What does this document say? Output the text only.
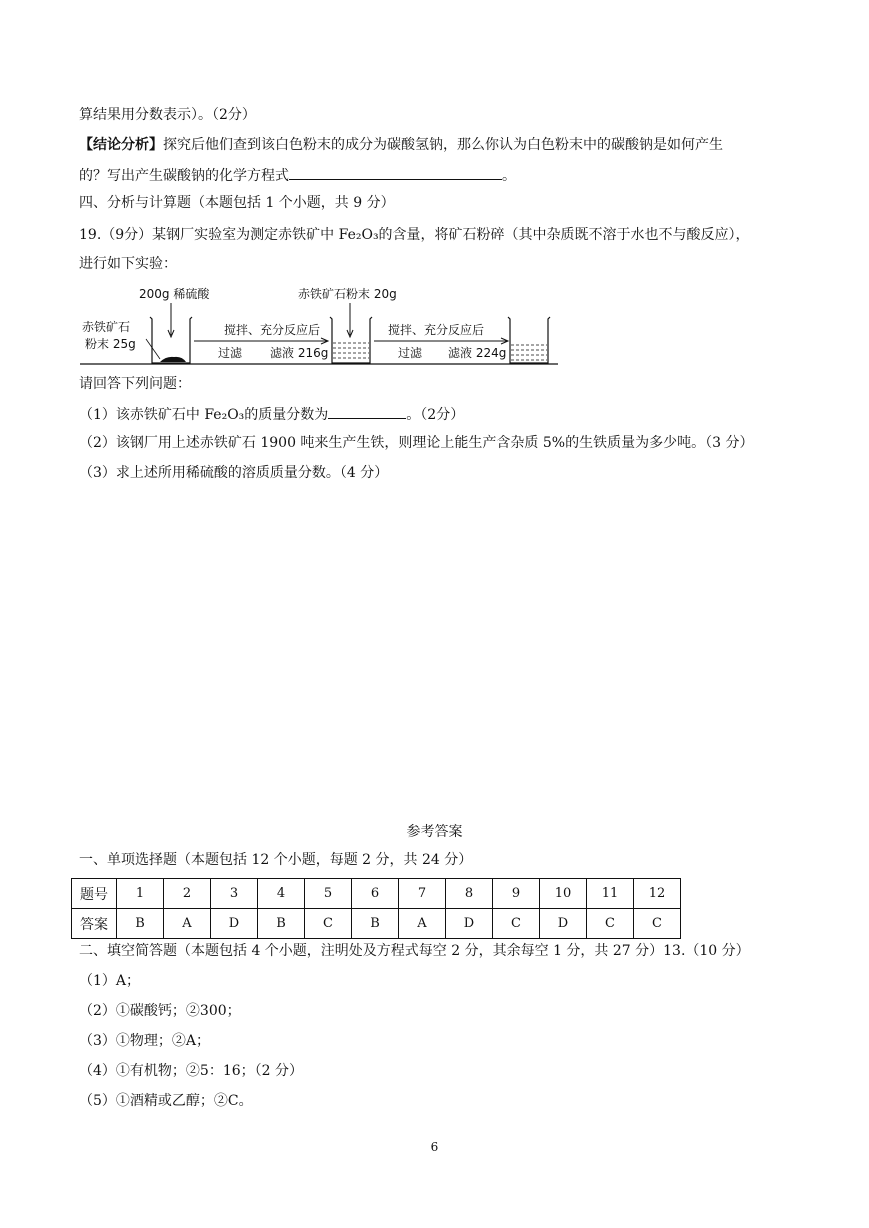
算结果用分数表示）。（2分）
【结论分析】探究后他们查到该白色粉末的成分为碳酸氢钠，那么你认为白色粉末中的碳酸钠是如何产生
的？写出产生碳酸钠的化学方程式	。
四、分析与计算题（本题包括 1 个小题，共 9 分）
19.（9分）某钢厂实验室为测定赤铁矿中 Fe₂O₃的含量，将矿石粉碎（其中杂质既不溶于水也不与酸反应），
进行如下实验：
200g 稀硫酸
赤铁矿石
粉末 25g
搅拌、充分反应后
过滤 滤液 216g
赤铁矿石粉末 20g
搅拌、充分反应后
过滤 滤液 224g
请回答下列问题：
（1）该赤铁矿石中 Fe₂O₃的质量分数为	。（2分）
（2）该钢厂用上述赤铁矿石 1900 吨来生产生铁，则理论上能生产含杂质 5%的生铁质量为多少吨。（3 分）
（3）求上述所用稀硫酸的溶质质量分数。（4 分）
参考答案
一、单项选择题（本题包括 12 个小题，每题 2 分，共 24 分）
题号	1	2	3	4	5	6	7	8	9	10	11	12
答案	B	A	D	B	C	B	A	D	C	D	C	C
二、填空简答题（本题包括 4 个小题，注明处及方程式每空 2 分，其余每空 1 分，共 27 分）13.（10 分）
（1）A；
（2）①碳酸钙；②300；
（3）①物理；②A；
（4）①有机物；②5：16；（2 分）
（5）①酒精或乙醇；②C。
6
